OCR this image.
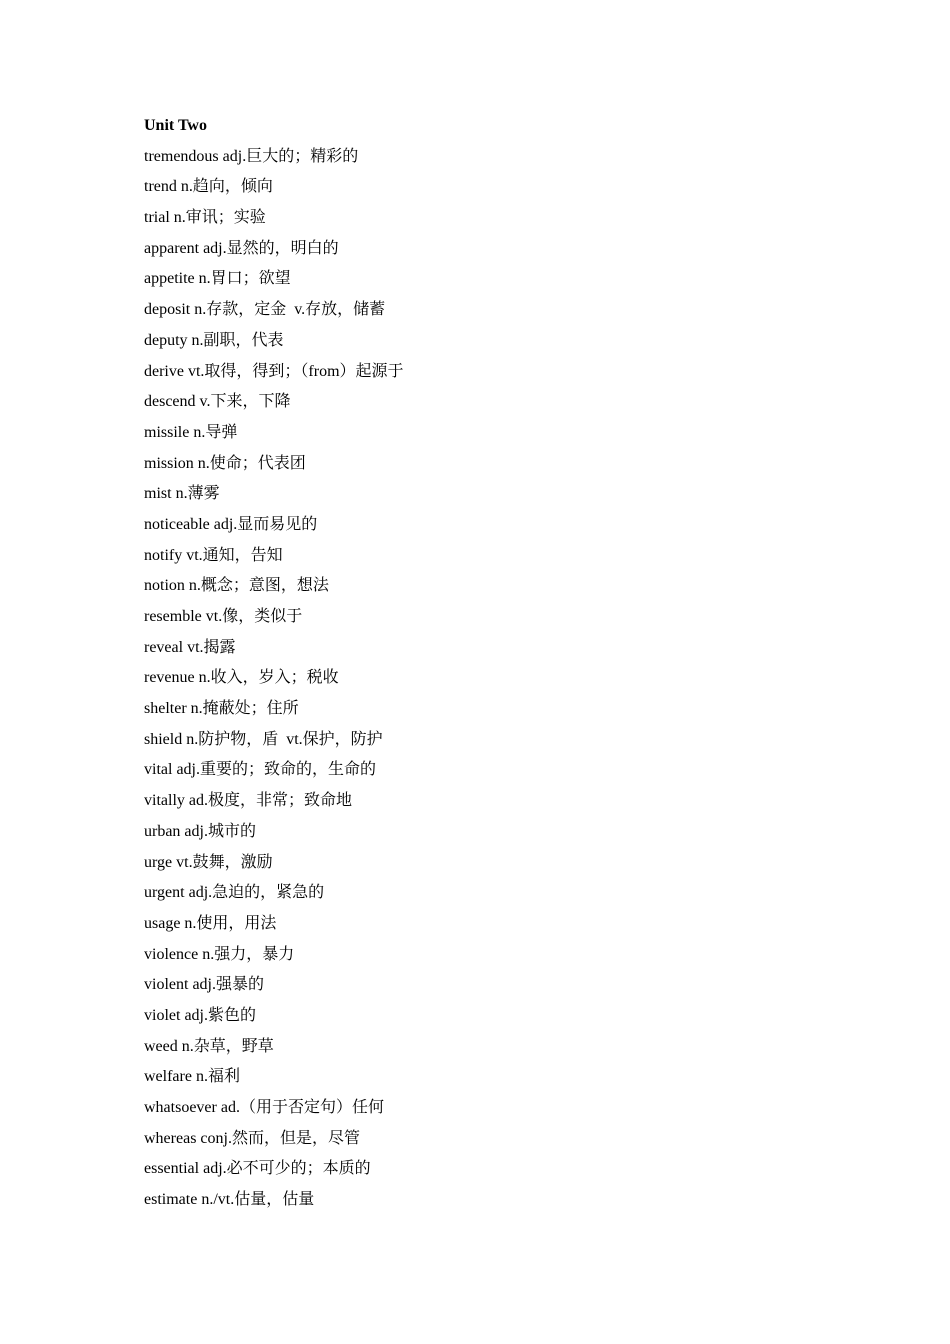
Unit Two
tremendous adj.巨大的；精彩的
trend n.趋向，倾向
trial n.审讯；实验
apparent adj.显然的，明白的
appetite n.胃口；欲望
deposit n.存款，定金  v.存放，储蓄
deputy n.副职，代表
derive vt.取得，得到；（from）起源于
descend v.下来，下降
missile n.导弹
mission n.使命；代表团
mist n.薄雾
noticeable adj.显而易见的
notify vt.通知，告知
notion n.概念；意图，想法
resemble vt.像，类似于
reveal vt.揭露
revenue n.收入，岁入；税收
shelter n.掩蔽处；住所
shield n.防护物，盾  vt.保护，防护
vital adj.重要的；致命的，生命的
vitally ad.极度，非常；致命地
urban adj.城市的
urge vt.鼓舞，激励
urgent adj.急迫的，紧急的
usage n.使用，用法
violence n.强力，暴力
violent adj.强暴的
violet adj.紫色的
weed n.杂草，野草
welfare n.福利
whatsoever ad.（用于否定句）任何
whereas conj.然而，但是，尽管
essential adj.必不可少的；本质的
estimate n./vt.估量，估量
